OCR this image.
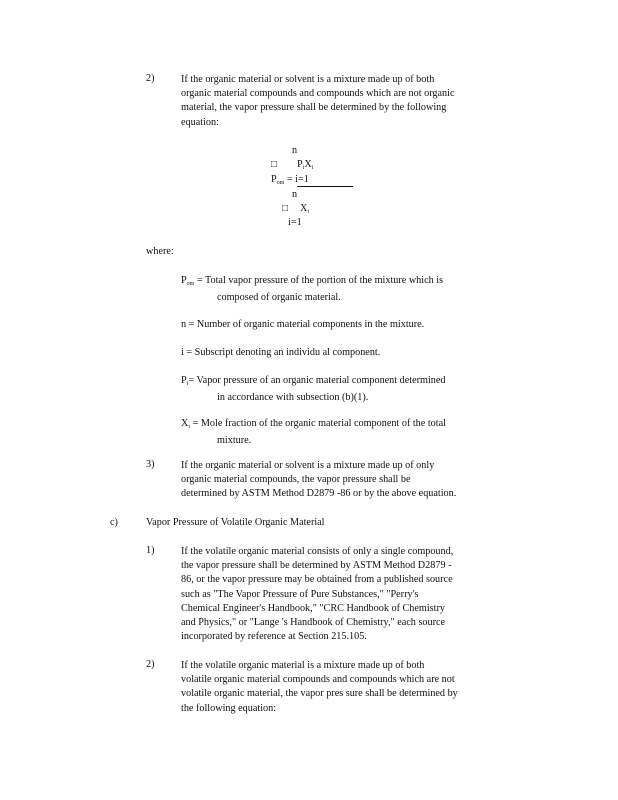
2)	If the organic material or solvent is a mixture made up of both
organic material compounds and compounds which are not organic
material, the vapor pressure shall be determined by the following
equation:
n
□ $P_iX_i$
$P_{om} = i=1$
n
□ $X_i$
i=1
where:
$P_{om}$ = Total vapor pressure of the portion of the mixture which is
composed of organic material.
n = Number of organic material components in the mixture.
i = Subscript denoting an individu al component.
$P_i=$ Vapor pressure of an organic material component determined
in accordance with subsection (b)(1).
$X_i$ = Mole fraction of the organic material component of the total
mixture.
3)	If the organic material or solvent is a mixture made up of only
organic material compounds, the vapor pressure shall be
determined by ASTM Method D2879 -86 or by the above equation.
c)	Vapor Pressure of Volatile Organic Material
1)	If the volatile organic material consists of only a single compound,
the vapor pressure shall be determined by ASTM Method D2879 -
86, or the vapor pressure may be obtained from a published source
such as "The Vapor Pressure of Pure Substances," "Perry's
Chemical Engineer's Handbook," "CRC Handbook of Chemistry
and Physics," or "Lange 's Handbook of Chemistry," each source
incorporated by reference at Section 215.105.
2)	If the volatile organic material is a mixture made up of both
volatile organic material compounds and compounds which are not
volatile organic material, the vapor pres sure shall be determined by
the following equation:
